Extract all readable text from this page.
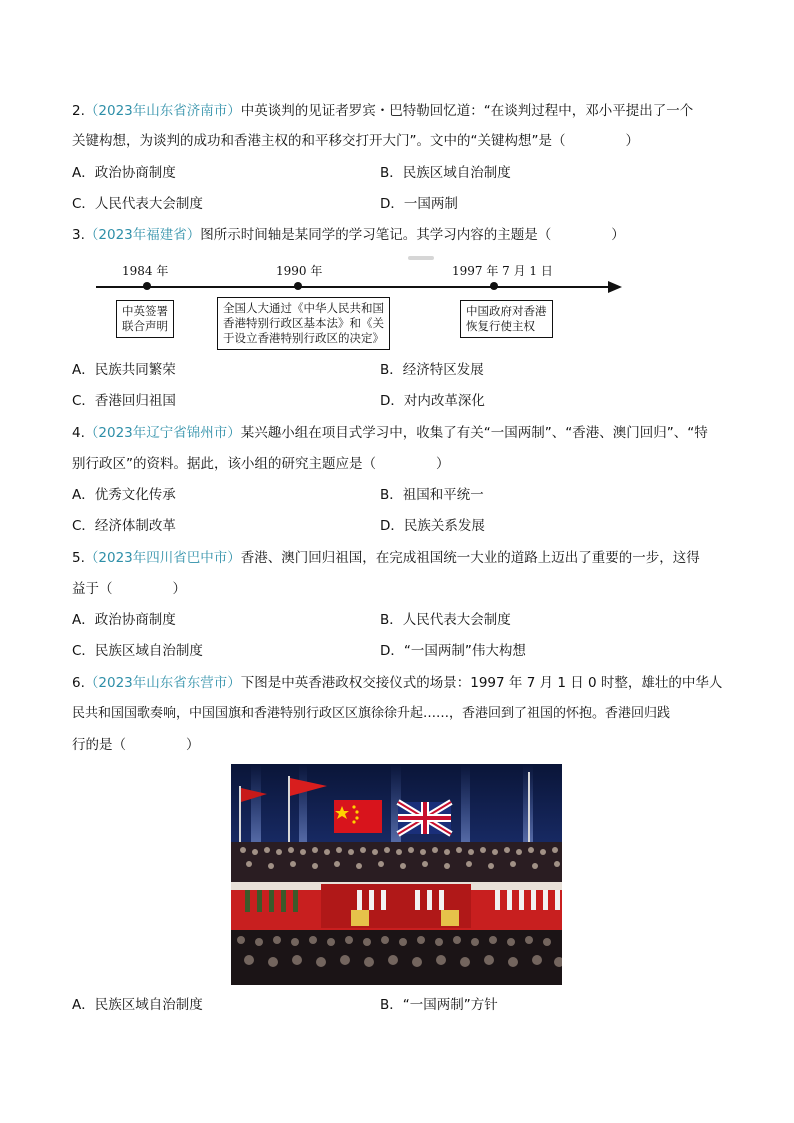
2.（2023年山东省济南市）中英谈判的见证者罗宾・巴特勒回忆道：“在谈判过程中，邓小平提出了一个
关键构想，为谈判的成功和香港主权的和平移交打开大门”。文中的“关键构想”是（	）
A．政治协商制度	B．民族区域自治制度
C．人民代表大会制度	D．一国两制
3.（2023年福建省）图所示时间轴是某同学的学习笔记。其学习内容的主题是（	）
1984 年	1990 年	1997 年 7 月 1 日
中英签署
联合声明
全国人大通过《中华人民共和国
香港特别行政区基本法》和《关
于设立香港特别行政区的决定》
中国政府对香港
恢复行使主权
A．民族共同繁荣	B．经济特区发展
C．香港回归祖国	D．对内改革深化
4.（2023年辽宁省锦州市）某兴趣小组在项目式学习中，收集了有关“一国两制”、“香港、澳门回归”、“特
别行政区”的资料。据此，该小组的研究主题应是（	）
A．优秀文化传承	B．祖国和平统一
C．经济体制改革	D．民族关系发展
5.（2023年四川省巴中市）香港、澳门回归祖国，在完成祖国统一大业的道路上迈出了重要的一步，这得
益于（	）
A．政治协商制度	B．人民代表大会制度
C．民族区域自治制度	D．“一国两制”伟大构想
6.（2023年山东省东营市）下图是中英香港政权交接仪式的场景：1997 年 7 月 1 日 0 时整，雄壮的中华人
民共和国国歌奏响，中国国旗和香港特别行政区区旗徐徐升起……，香港回到了祖国的怀抱。香港回归践
行的是（	）
A．民族区域自治制度	B．“一国两制”方针
